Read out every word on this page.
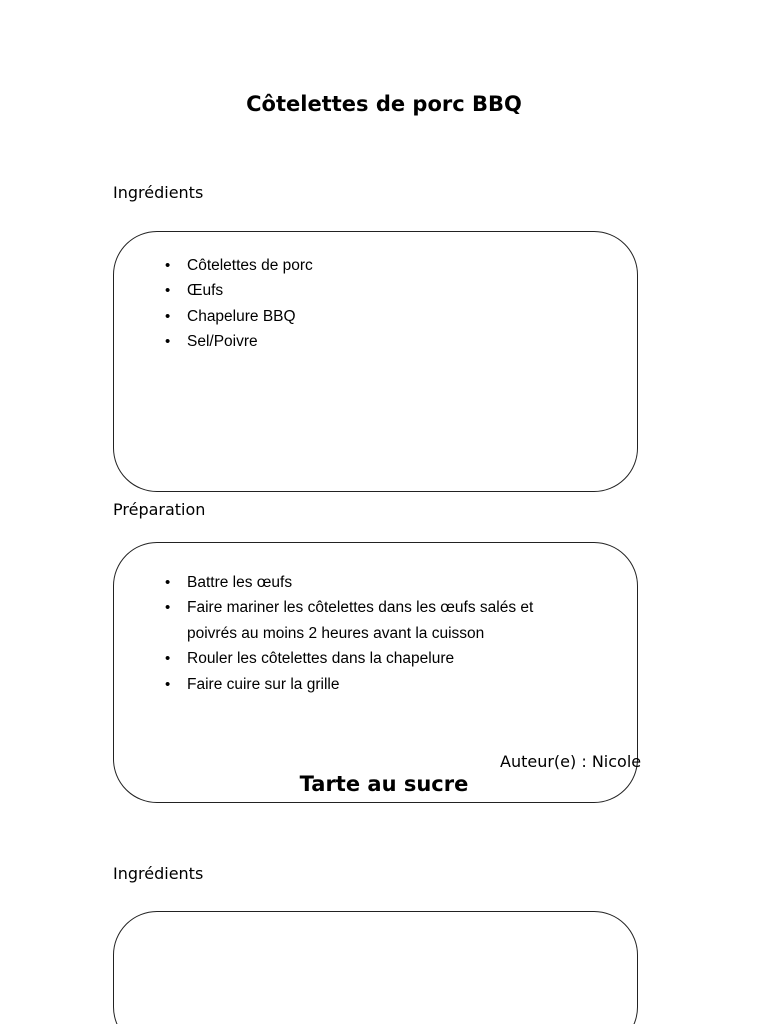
Côtelettes de porc BBQ
Ingrédients
• Côtelettes de porc
• Œufs
• Chapelure BBQ
• Sel/Poivre
Préparation
• Battre les œufs
• Faire mariner les côtelettes dans les œufs salés et poivrés au moins 2 heures avant la cuisson
• Rouler les côtelettes dans la chapelure
• Faire cuire sur la grille
Auteur(e) : Nicole
Tarte au sucre
Ingrédients
